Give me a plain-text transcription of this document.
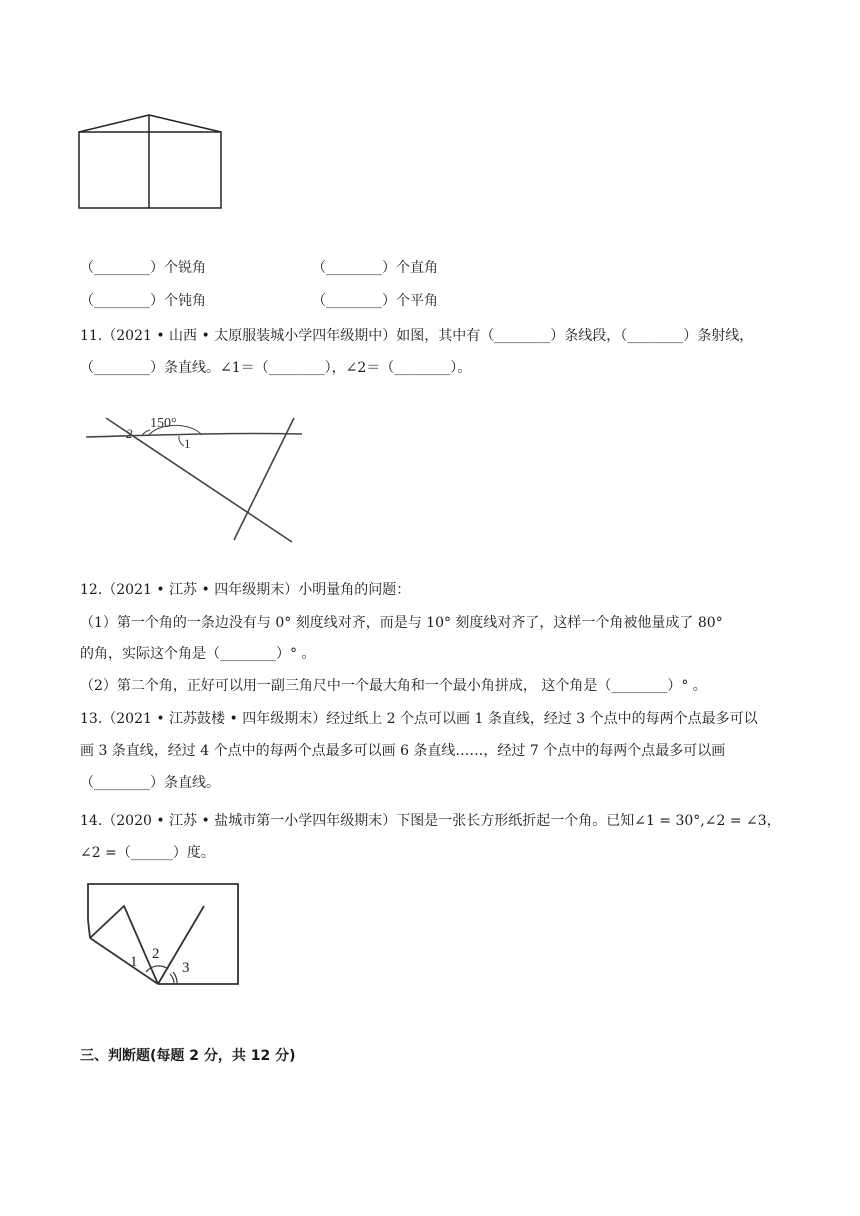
（________）个锐角	（________）个直角
（________）个钝角	（________）个平角
11.（2021 • 山西 • 太原服装城小学四年级期中）如图，其中有（________）条线段，（________）条射线，
（________）条直线。∠1＝（________），∠2＝（________）。
150°
2
1
12.（2021 • 江苏 • 四年级期末）小明量角的问题：
（1）第一个角的一条边没有与 0° 刻度线对齐，而是与 10° 刻度线对齐了，这样一个角被他量成了 80°
的角，实际这个角是（________）° 。
（2）第二个角，正好可以用一副三角尺中一个最大角和一个最小角拼成， 这个角是（________）° 。
13.（2021 • 江苏鼓楼 • 四年级期末）经过纸上 2 个点可以画 1 条直线，经过 3 个点中的每两个点最多可以
画 3 条直线，经过 4 个点中的每两个点最多可以画 6 条直线……，经过 7 个点中的每两个点最多可以画
（________）条直线。
14.（2020 • 江苏 • 盐城市第一小学四年级期末）下图是一张长方形纸折起一个角。已知∠1 = 30°,∠2 = ∠3，
∠2 =（______）度。
1 2
3
三、判断题(每题 2 分，共 12 分)
